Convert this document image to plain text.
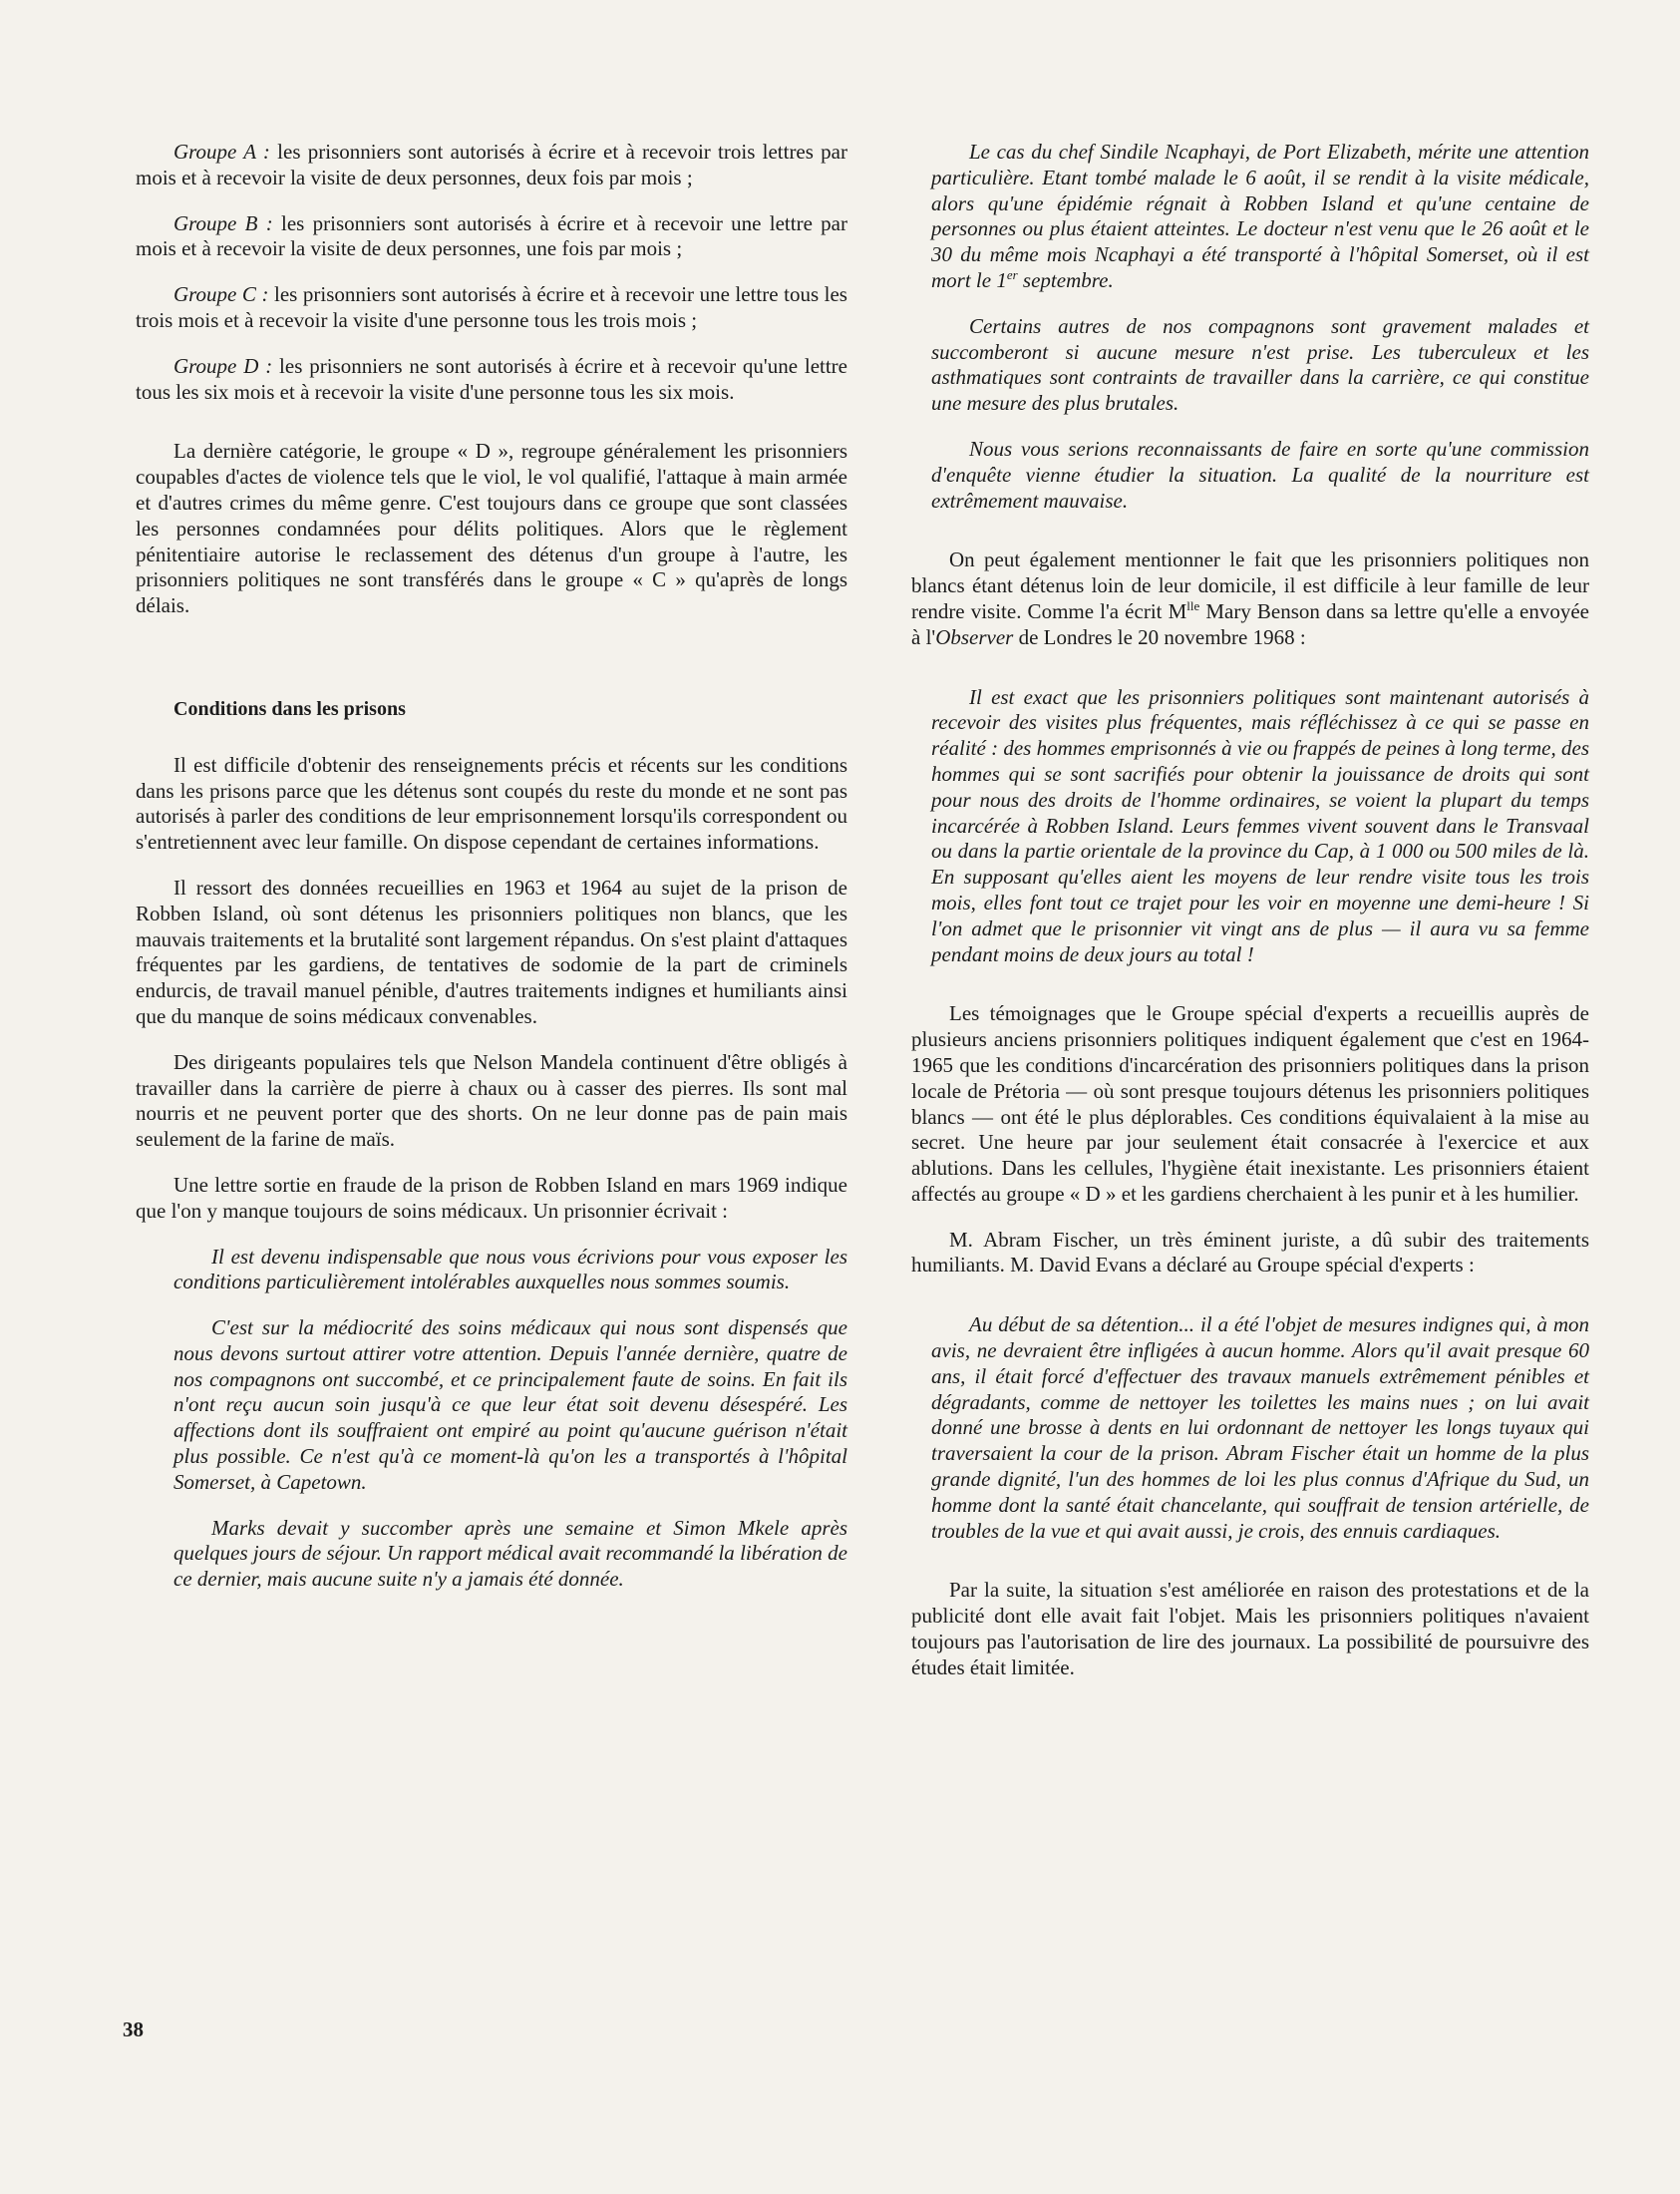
Groupe A : les prisonniers sont autorisés à écrire et à recevoir trois lettres par mois et à recevoir la visite de deux personnes, deux fois par mois ;

Groupe B : les prisonniers sont autorisés à écrire et à recevoir une lettre par mois et à recevoir la visite de deux personnes, une fois par mois ;

Groupe C : les prisonniers sont autorisés à écrire et à recevoir une lettre tous les trois mois et à recevoir la visite d'une personne tous les trois mois ;

Groupe D : les prisonniers ne sont autorisés à écrire et à recevoir qu'une lettre tous les six mois et à recevoir la visite d'une personne tous les six mois.

La dernière catégorie, le groupe « D », regroupe généralement les prisonniers coupables d'actes de violence tels que le viol, le vol qualifié, l'attaque à main armée et d'autres crimes du même genre. C'est toujours dans ce groupe que sont classées les personnes condamnées pour délits politiques. Alors que le règlement pénitentiaire autorise le reclassement des détenus d'un groupe à l'autre, les prisonniers politiques ne sont transférés dans le groupe « C » qu'après de longs délais.

Conditions dans les prisons

Il est difficile d'obtenir des renseignements précis et récents sur les conditions dans les prisons parce que les détenus sont coupés du reste du monde et ne sont pas autorisés à parler des conditions de leur emprisonnement lorsqu'ils correspondent ou s'entretiennent avec leur famille. On dispose cependant de certaines informations.

Il ressort des données recueillies en 1963 et 1964 au sujet de la prison de Robben Island, où sont détenus les prisonniers politiques non blancs, que les mauvais traitements et la brutalité sont largement répandus. On s'est plaint d'attaques fréquentes par les gardiens, de tentatives de sodomie de la part de criminels endurcis, de travail manuel pénible, d'autres traitements indignes et humiliants ainsi que du manque de soins médicaux convenables.

Des dirigeants populaires tels que Nelson Mandela continuent d'être obligés à travailler dans la carrière de pierre à chaux ou à casser des pierres. Ils sont mal nourris et ne peuvent porter que des shorts. On ne leur donne pas de pain mais seulement de la farine de maïs.

Une lettre sortie en fraude de la prison de Robben Island en mars 1969 indique que l'on y manque toujours de soins médicaux. Un prisonnier écrivait :

Il est devenu indispensable que nous vous écrivions pour vous exposer les conditions particulièrement intolérables auxquelles nous sommes soumis.

C'est sur la médiocrité des soins médicaux qui nous sont dispensés que nous devons surtout attirer votre attention. Depuis l'année dernière, quatre de nos compagnons ont succombé, et ce principalement faute de soins. En fait ils n'ont reçu aucun soin jusqu'à ce que leur état soit devenu désespéré. Les affections dont ils souffraient ont empiré au point qu'aucune guérison n'était plus possible. Ce n'est qu'à ce moment-là qu'on les a transportés à l'hôpital Somerset, à Capetown.

Marks devait y succomber après une semaine et Simon Mkele après quelques jours de séjour. Un rapport médical avait recommandé la libération de ce dernier, mais aucune suite n'y a jamais été donnée.

Le cas du chef Sindile Ncaphayi, de Port Elizabeth, mérite une attention particulière. Etant tombé malade le 6 août, il se rendit à la visite médicale, alors qu'une épidémie régnait à Robben Island et qu'une centaine de personnes ou plus étaient atteintes. Le docteur n'est venu que le 26 août et le 30 du même mois Ncaphayi a été transporté à l'hôpital Somerset, où il est mort le 1er septembre.

Certains autres de nos compagnons sont gravement malades et succomberont si aucune mesure n'est prise. Les tuberculeux et les asthmatiques sont contraints de travailler dans la carrière, ce qui constitue une mesure des plus brutales.

Nous vous serions reconnaissants de faire en sorte qu'une commission d'enquête vienne étudier la situation. La qualité de la nourriture est extrêmement mauvaise.

On peut également mentionner le fait que les prisonniers politiques non blancs étant détenus loin de leur domicile, il est difficile à leur famille de leur rendre visite. Comme l'a écrit $M^{lle}$ Mary Benson dans sa lettre qu'elle a envoyée à l'Observer de Londres le 20 novembre 1968 :

Il est exact que les prisonniers politiques sont maintenant autorisés à recevoir des visites plus fréquentes, mais réfléchissez à ce qui se passe en réalité : des hommes emprisonnés à vie ou frappés de peines à long terme, des hommes qui se sont sacrifiés pour obtenir la jouissance de droits qui sont pour nous des droits de l'homme ordinaires, se voient la plupart du temps incarcérée à Robben Island. Leurs femmes vivent souvent dans le Transvaal ou dans la partie orientale de la province du Cap, à 1 000 ou 500 miles de là. En supposant qu'elles aient les moyens de leur rendre visite tous les trois mois, elles font tout ce trajet pour les voir en moyenne une demi-heure ! Si l'on admet que le prisonnier vit vingt ans de plus — il aura vu sa femme pendant moins de deux jours au total !

Les témoignages que le Groupe spécial d'experts a recueillis auprès de plusieurs anciens prisonniers politiques indiquent également que c'est en 1964-1965 que les conditions d'incarcération des prisonniers politiques dans la prison locale de Prétoria — où sont presque toujours détenus les prisonniers politiques blancs — ont été le plus déplorables. Ces conditions équivalaient à la mise au secret. Une heure par jour seulement était consacrée à l'exercice et aux ablutions. Dans les cellules, l'hygiène était inexistante. Les prisonniers étaient affectés au groupe « D » et les gardiens cherchaient à les punir et à les humilier.

M. Abram Fischer, un très éminent juriste, a dû subir des traitements humiliants. M. David Evans a déclaré au Groupe spécial d'experts :

Au début de sa détention... il a été l'objet de mesures indignes qui, à mon avis, ne devraient être infligées à aucun homme. Alors qu'il avait presque 60 ans, il était forcé d'effectuer des travaux manuels extrêmement pénibles et dégradants, comme de nettoyer les toilettes les mains nues ; on lui avait donné une brosse à dents en lui ordonnant de nettoyer les longs tuyaux qui traversaient la cour de la prison. Abram Fischer était un homme de la plus grande dignité, l'un des hommes de loi les plus connus d'Afrique du Sud, un homme dont la santé était chancelante, qui souffrait de tension artérielle, de troubles de la vue et qui avait aussi, je crois, des ennuis cardiaques.

Par la suite, la situation s'est améliorée en raison des protestations et de la publicité dont elle avait fait l'objet. Mais les prisonniers politiques n'avaient toujours pas l'autorisation de lire des journaux. La possibilité de poursuivre des études était limitée.

38
